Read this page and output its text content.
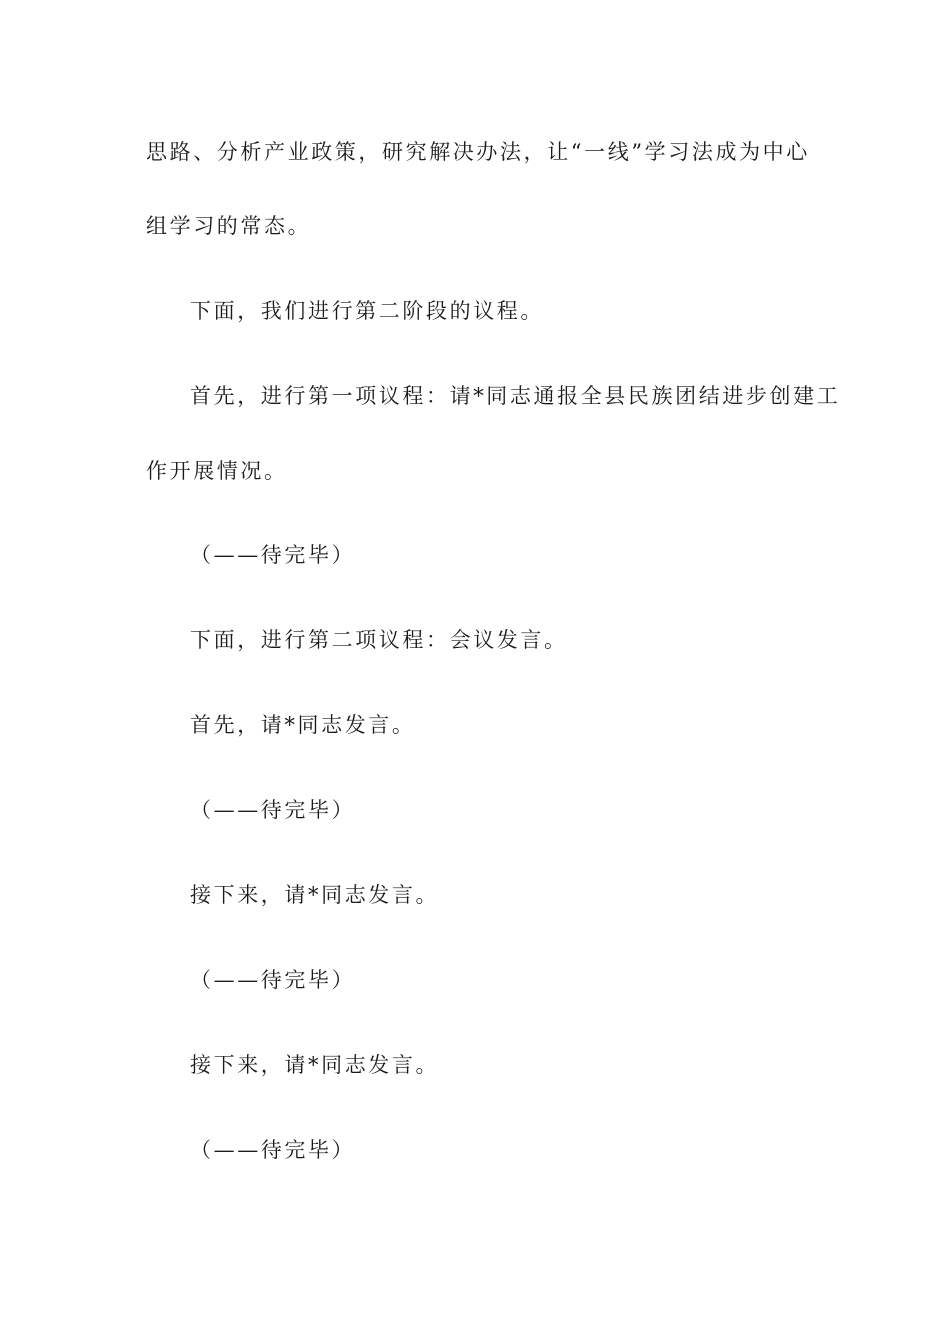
思路、分析产业政策，研究解决办法，让“一线”学习法成为中心
组学习的常态。
下面，我们进行第二阶段的议程。
首先，进行第一项议程：请*同志通报全县民族团结进步创建工
作开展情况。
（——待完毕）
下面，进行第二项议程：会议发言。
首先，请*同志发言。
（——待完毕）
接下来，请*同志发言。
（——待完毕）
接下来，请*同志发言。
（——待完毕）
